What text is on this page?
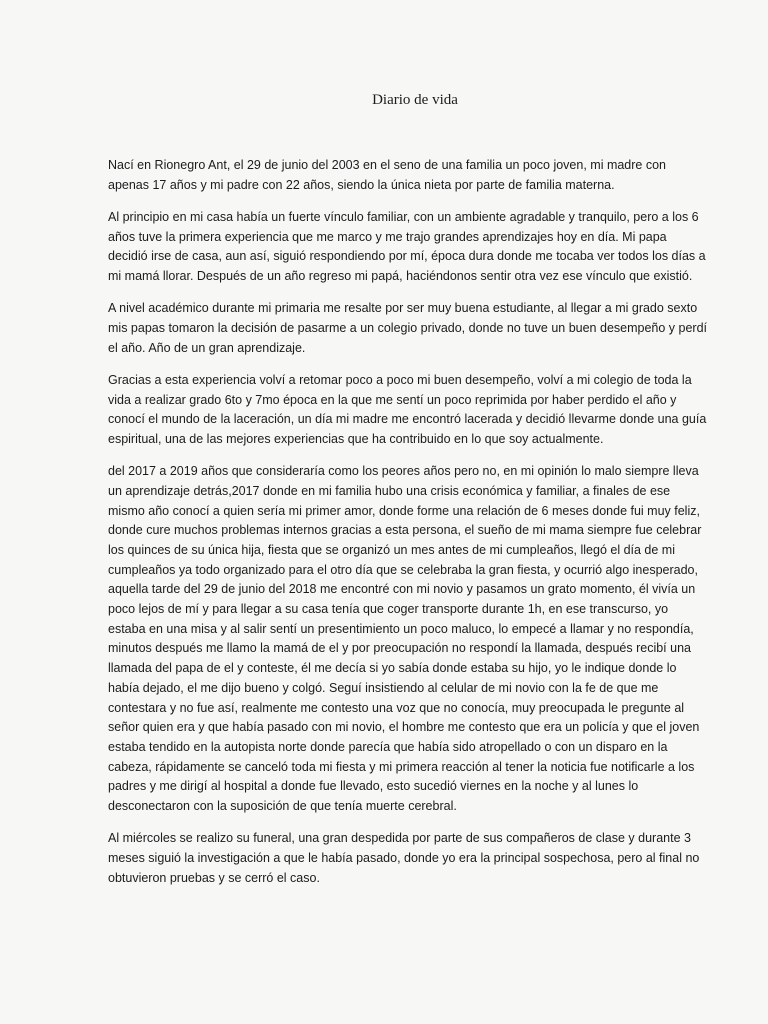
Diario de vida

Nací en Rionegro Ant, el 29 de junio del 2003 en el seno de una familia un poco joven, mi madre con apenas 17 años y mi padre con 22 años, siendo la única nieta por parte de familia materna.

Al principio en mi casa había un fuerte vínculo familiar, con un ambiente agradable y tranquilo, pero a los 6 años tuve la primera experiencia que me marco y me trajo grandes aprendizajes hoy en día. Mi papa decidió irse de casa, aun así, siguió respondiendo por mí, época dura donde me tocaba ver todos los días a mi mamá llorar. Después de un año regreso mi papá, haciéndonos sentir otra vez ese vínculo que existió.

A nivel académico durante mi primaria me resalte por ser muy buena estudiante, al llegar a mi grado sexto mis papas tomaron la decisión de pasarme a un colegio privado, donde no tuve un buen desempeño y perdí el año. Año de un gran aprendizaje.

Gracias a esta experiencia volví a retomar poco a poco mi buen desempeño, volví a mi colegio de toda la vida a realizar grado 6to y 7mo época en la que me sentí un poco reprimida por haber perdido el año y conocí el mundo de la laceración, un día mi madre me encontró lacerada y decidió llevarme donde una guía espiritual, una de las mejores experiencias que ha contribuido en lo que soy actualmente.

del 2017 a 2019 años que consideraría como los peores años pero no, en mi opinión lo malo siempre lleva un aprendizaje detrás,2017 donde en mi familia hubo una crisis económica y familiar, a finales de ese mismo año conocí a quien sería mi primer amor, donde forme una relación de 6 meses donde fui muy feliz, donde cure muchos problemas internos gracias a esta persona, el sueño de mi mama siempre fue celebrar los quinces de su única hija, fiesta que se organizó un mes antes de mi cumpleaños, llegó el día de mi cumpleaños ya todo organizado para el otro día que se celebraba la gran fiesta, y ocurrió algo inesperado, aquella tarde del 29 de junio del 2018 me encontré con mi novio y pasamos un grato momento, él vivía un poco lejos de mí y para llegar a su casa tenía que coger transporte durante 1h, en ese transcurso, yo estaba en una misa y al salir sentí un presentimiento un poco maluco, lo empecé a llamar y no respondía, minutos después me llamo la mamá de el y por preocupación no respondí la llamada, después recibí una llamada del papa de el y conteste, él me decía si yo sabía donde estaba su hijo, yo le indique donde lo había dejado, el me dijo bueno y colgó. Seguí insistiendo al celular de mi novio con la fe de que me contestara y no fue así, realmente me contesto una voz que no conocía, muy preocupada le pregunte al señor quien era y que había pasado con mi novio, el hombre me contesto que era un policía y que el joven estaba tendido en la autopista norte donde parecía que había sido atropellado o con un disparo en la cabeza, rápidamente se canceló toda mi fiesta y mi primera reacción al tener la noticia fue notificarle a los padres y me dirigí al hospital a donde fue llevado, esto sucedió viernes en la noche y al lunes lo desconectaron con la suposición de que tenía muerte cerebral.

Al miércoles se realizo su funeral, una gran despedida por parte de sus compañeros de clase y durante 3 meses siguió la investigación a que le había pasado, donde yo era la principal sospechosa, pero al final no obtuvieron pruebas y se cerró el caso.
